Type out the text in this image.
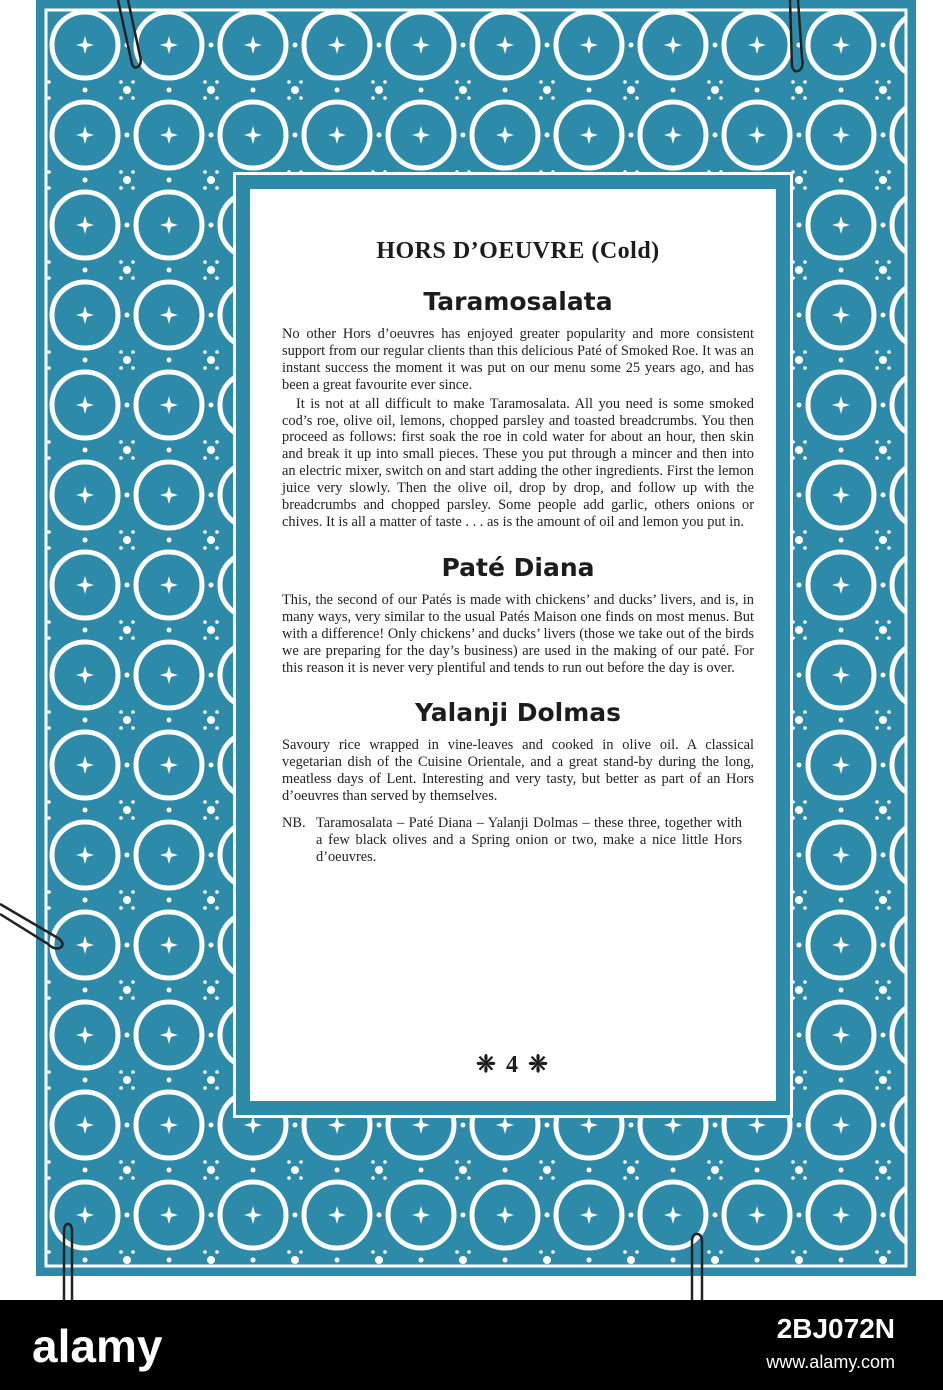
HORS D’OEUVRE (Cold)
Taramosalata

No other Hors d’oeuvres has enjoyed greater popularity and more consistent support from our regular clients than this delicious Paté of Smoked Roe. It was an instant success the moment it was put on our menu some 25 years ago, and has been a great favourite ever since.

It is not at all difficult to make Taramosalata. All you need is some smoked cod’s roe, olive oil, lemons, chopped parsley and toasted breadcrumbs. You then proceed as follows: first soak the roe in cold water for about an hour, then skin and break it up into small pieces. These you put through a mincer and then into an electric mixer, switch on and start adding the other ingredients. First the lemon juice very slowly. Then the olive oil, drop by drop, and follow up with the breadcrumbs and chopped parsley. Some people add garlic, others onions or chives. It is all a matter of taste . . . as is the amount of oil and lemon you put in.

Paté Diana

This, the second of our Patés is made with chickens’ and ducks’ livers, and is, in many ways, very similar to the usual Patés Maison one finds on most menus. But with a difference! Only chickens’ and ducks’ livers (those we take out of the birds we are preparing for the day’s business) are used in the making of our paté. For this reason it is never very plentiful and tends to run out before the day is over.

Yalanji Dolmas

Savoury rice wrapped in vine-leaves and cooked in olive oil. A classical vegetarian dish of the Cuisine Orientale, and a great stand-by during the long, meatless days of Lent. Interesting and very tasty, but better as part of an Hors d’oeuvres than served by themselves.

NB. Taramosalata – Paté Diana – Yalanji Dolmas – these three, together with a few black olives and a Spring onion or two, make a nice little Hors d’oeuvres.
❈ 4 ❈
alamy	2BJ072N
www.alamy.com
